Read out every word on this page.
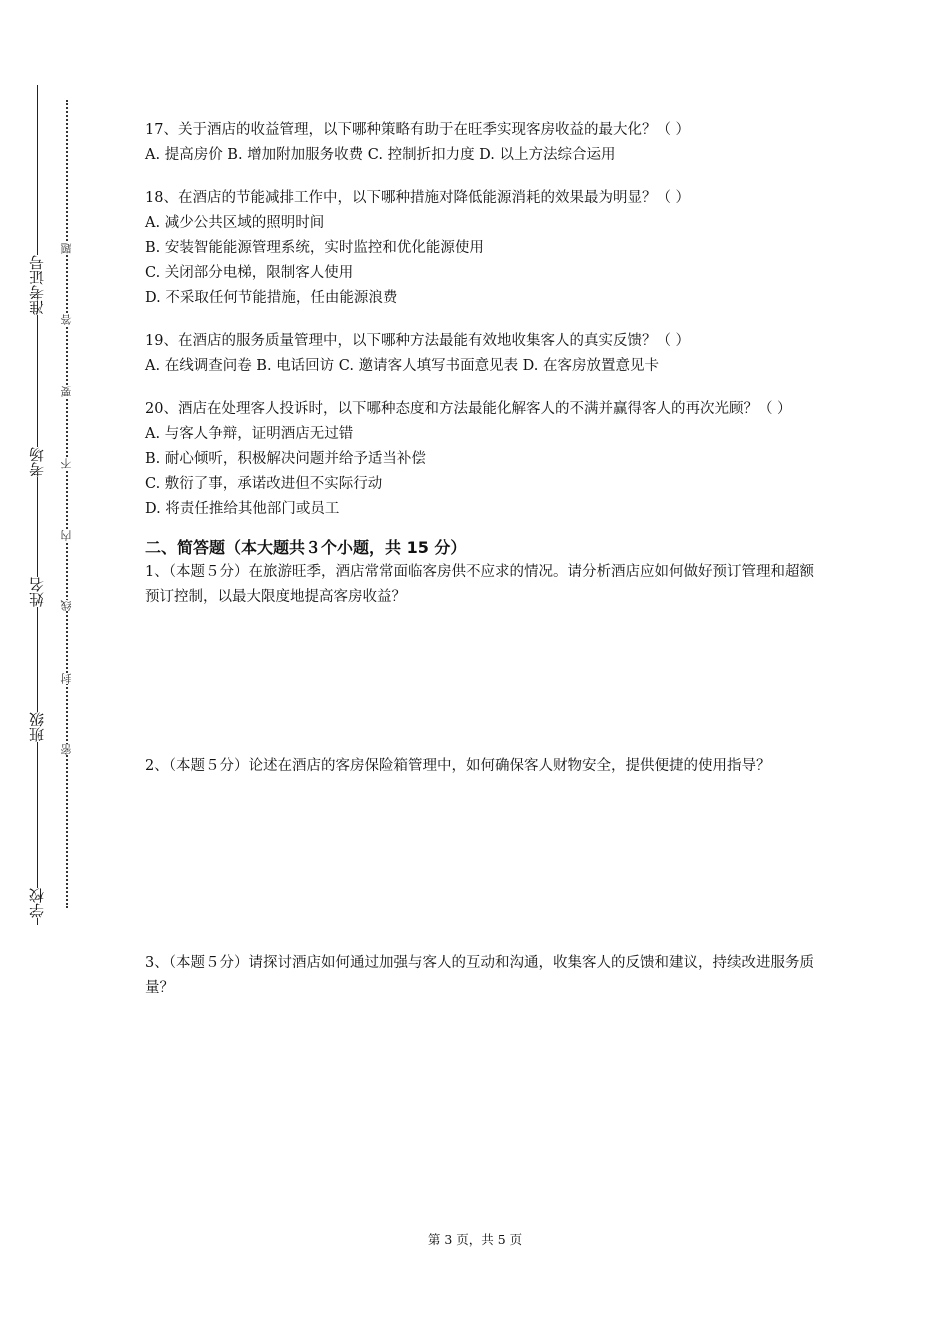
准考证号
考场
姓名
班级
学校
题
答
要
不
内
线
封
密

17、关于酒店的收益管理，以下哪种策略有助于在旺季实现客房收益的最大化？（ ）

A. 提高房价 B. 增加附加服务收费 C. 控制折扣力度 D. 以上方法综合运用

18、在酒店的节能减排工作中，以下哪种措施对降低能源消耗的效果最为明显？（ ）

A. 减少公共区域的照明时间

B. 安装智能能源管理系统，实时监控和优化能源使用

C. 关闭部分电梯，限制客人使用

D. 不采取任何节能措施，任由能源浪费

19、在酒店的服务质量管理中，以下哪种方法最能有效地收集客人的真实反馈？（ ）

A. 在线调查问卷 B. 电话回访 C. 邀请客人填写书面意见表 D. 在客房放置意见卡

20、酒店在处理客人投诉时，以下哪种态度和方法最能化解客人的不满并赢得客人的再次光顾？（ ）

A. 与客人争辩，证明酒店无过错

B. 耐心倾听，积极解决问题并给予适当补偿

C. 敷衍了事，承诺改进但不实际行动

D. 将责任推给其他部门或员工

二、简答题（本大题共３个小题，共 15 分）

1、（本题５分）在旅游旺季，酒店常常面临客房供不应求的情况。请分析酒店应如何做好预订管理和超额预订控制，以最大限度地提高客房收益？

2、（本题５分）论述在酒店的客房保险箱管理中，如何确保客人财物安全，提供便捷的使用指导？

3、（本题５分）请探讨酒店如何通过加强与客人的互动和沟通，收集客人的反馈和建议，持续改进服务质量？

第 3 页，共 5 页
